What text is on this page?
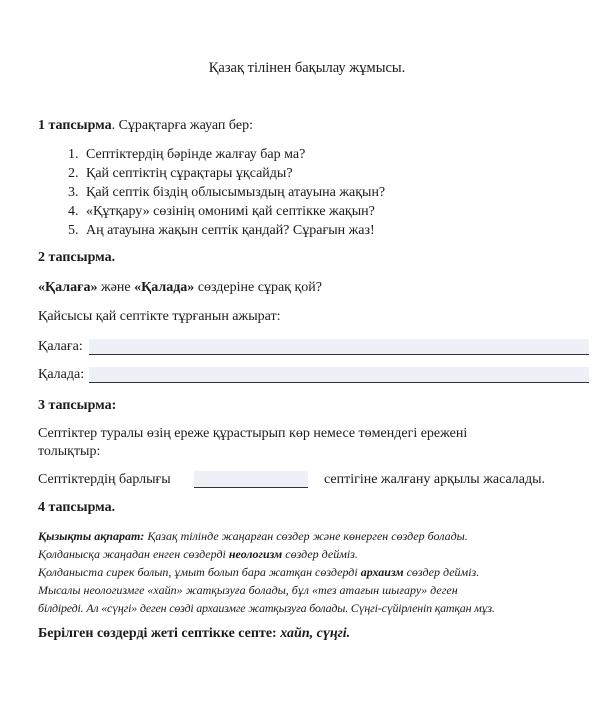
Қазақ тілінен бақылау жұмысы.
1 тапсырма. Сұрақтарға жауап бер:
1. Септіктердің бәрінде жалғау бар ма?
2. Қай септіктің сұрақтары ұқсайды?
3. Қай септік біздің облысымыздың атауына жақын?
4. «Құтқару» сөзінің омонимі қай септікке жақын?
5. Аң атауына жақын септік қандай? Сұрағын жаз!
2 тапсырма.
«Қалаға» және «Қалада» сөздеріне сұрақ қой?
Қайсысы қай септікте тұрғанын ажырат:
Қалаға:
Қалада:
3 тапсырма:
Септіктер туралы өзің ереже құрастырып көр немесе төмендегі ережені
толықтыр:
Септіктердің барлығы	септігіне жалғану арқылы жасалады.
4 тапсырма.
Қызықты ақпарат: Қазақ тілінде жаңарған сөздер және көнерген сөздер болады.
Қолданысқа жаңадан енген сөздерді неологизм сөздер дейміз.
Қолданыста сирек болып, ұмыт болып бара жатқан сөздерді архаизм сөздер дейміз.
Мысалы неологизмге «хайп» жатқызуға болады, бұл «тез атағын шығару» деген
білдіреді. Ал «сүңгі» деген сөзді архаизмге жатқызуға болады. Сүңгі-сүйірленіп қатқан мұз.
Берілген сөздерді жеті септікке септе: хайп, сүңгі.
